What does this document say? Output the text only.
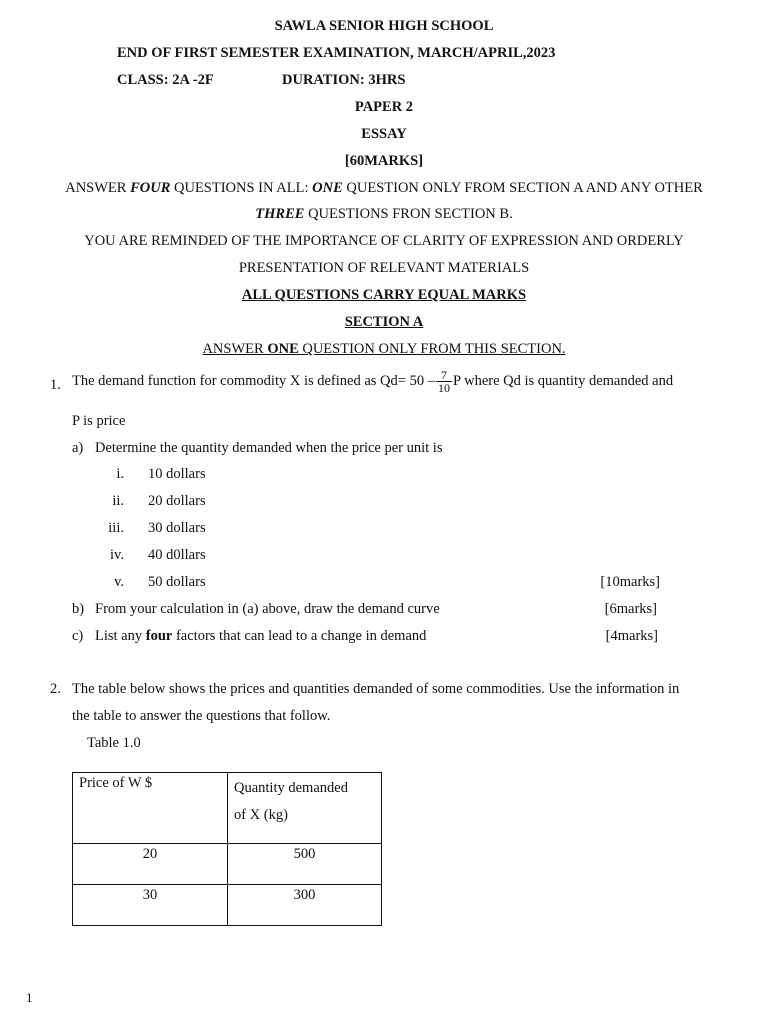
SAWLA SENIOR HIGH SCHOOL
END OF FIRST SEMESTER EXAMINATION, MARCH/APRIL,2023
CLASS: 2A -2F	DURATION: 3HRS
PAPER 2
ESSAY
[60MARKS]
ANSWER FOUR QUESTIONS IN ALL: ONE QUESTION ONLY FROM SECTION A AND ANY OTHER
THREE QUESTIONS FRON SECTION B.
YOU ARE REMINDED OF THE IMPORTANCE OF CLARITY OF EXPRESSION AND ORDERLY
PRESENTATION OF RELEVANT MATERIALS
ALL QUESTIONS CARRY EQUAL MARKS
SECTION A
ANSWER ONE QUESTION ONLY FROM THIS SECTION.
1. The demand function for commodity X is defined as $Qd= 50 - \frac{7}{10}$ P where Qd is quantity demanded and
P is price
a) Determine the quantity demanded when the price per unit is
i. 10 dollars
ii. 20 dollars
iii. 30 dollars
iv. 40 d0llars
v. 50 dollars	[10marks]
b) From your calculation in (a) above, draw the demand curve	[6marks]
c) List any four factors that can lead to a change in demand	[4marks]
2. The table below shows the prices and quantities demanded of some commodities. Use the information in
the table to answer the questions that follow.
Table 1.0
Price of W $	Quantity demanded
of X (kg)
20	500
30	300
1
